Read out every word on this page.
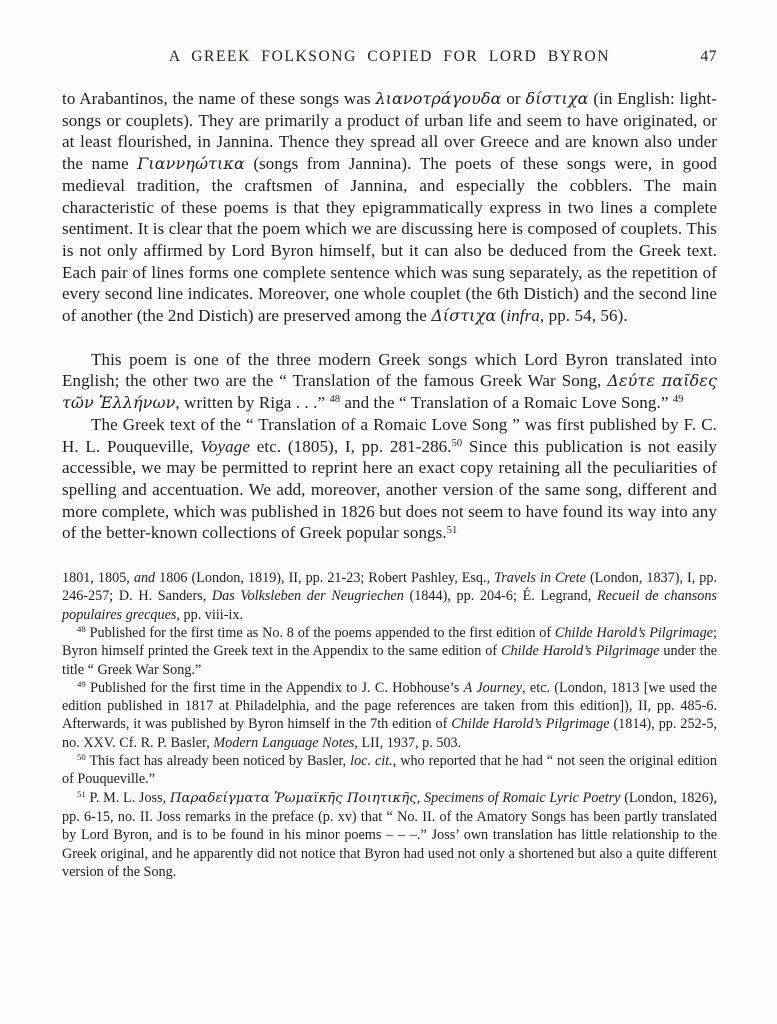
A GREEK FOLKSONG COPIED FOR LORD BYRON	47

to Arabantinos, the name of these songs was λιανοτράγουδα or δίστιχα (in English: light-songs or couplets). They are primarily a product of urban life and seem to have originated, or at least flourished, in Jannina. Thence they spread all over Greece and are known also under the name Γιαννηώτικα (songs from Jannina). The poets of these songs were, in good medieval tradition, the craftsmen of Jannina, and especially the cobblers. The main characteristic of these poems is that they epigrammatically express in two lines a complete sentiment. It is clear that the poem which we are discussing here is composed of couplets. This is not only affirmed by Lord Byron himself, but it can also be deduced from the Greek text. Each pair of lines forms one complete sentence which was sung separately, as the repetition of every second line indicates. Moreover, one whole couplet (the 6th Distich) and the second line of another (the 2nd Distich) are preserved among the Δίστιχα (infra, pp. 54, 56).

This poem is one of the three modern Greek songs which Lord Byron translated into English; the other two are the “ Translation of the famous Greek War Song, Δεύτε παῖδες τῶν Ἑλλήνων, written by Riga . . .” $^{48}$ and the “ Translation of a Romaic Love Song.” $^{49}$

The Greek text of the “ Translation of a Romaic Love Song ” was first published by F. C. H. L. Pouqueville, Voyage etc. (1805), I, pp. 281-286.50 Since this publication is not easily accessible, we may be permitted to reprint here an exact copy retaining all the peculiarities of spelling and accentuation. We add, moreover, another version of the same song, different and more complete, which was published in 1826 but does not seem to have found its way into any of the better-known collections of Greek popular songs.$^{51}$

1801, 1805, and 1806 (London, 1819), II, pp. 21-23; Robert Pashley, Esq., Travels in Crete (London, 1837), I, pp. 246-257; D. H. Sanders, Das Volksleben der Neugriechen (1844), pp. 204-6; É. Legrand, Recueil de chansons populaires grecques, pp. viii-ix.

$^{48}$ Published for the first time as No. 8 of the poems appended to the first edition of Childe Harold’s Pilgrimage; Byron himself printed the Greek text in the Appendix to the same edition of Childe Harold’s Pilgrimage under the title “ Greek War Song.”

$^{49}$ Published for the first time in the Appendix to J. C. Hobhouse’s A Journey, etc. (London, 1813 [we used the edition published in 1817 at Philadelphia, and the page references are taken from this edition]), II, pp. 485-6. Afterwards, it was published by Byron himself in the 7th edition of Childe Harold’s Pilgrimage (1814), pp. 252-5, no. XXV. Cf. R. P. Basler, Modern Language Notes, LII, 1937, p. 503.

$^{50}$ This fact has already been noticed by Basler, loc. cit., who reported that he had “ not seen the original edition of Pouqueville.”

$^{51}$ P. M. L. Joss, Παραδείγματα Ῥωμαϊκῆς Ποιητικῆς, Specimens of Romaic Lyric Poetry (London, 1826), pp. 6-15, no. II. Joss remarks in the preface (p. xv) that “ No. II. of the Amatory Songs has been partly translated by Lord Byron, and is to be found in his minor poems – – –.” Joss’ own translation has little relationship to the Greek original, and he apparently did not notice that Byron had used not only a shortened but also a quite different version of the Song.
